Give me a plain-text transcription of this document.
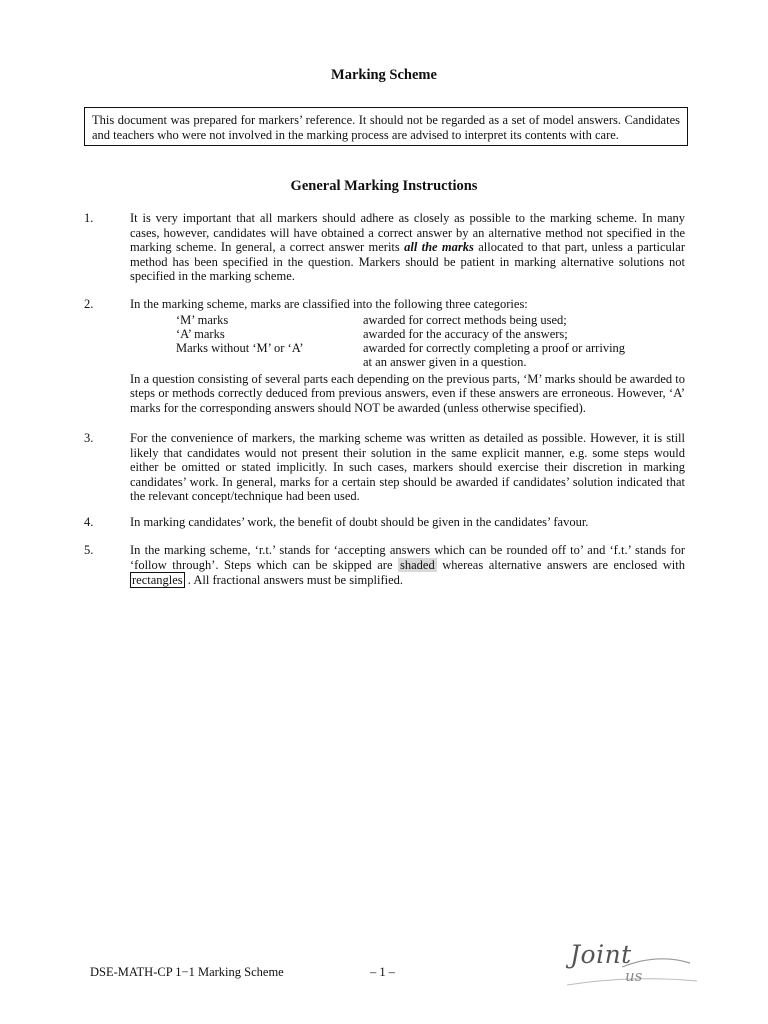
Marking Scheme
This document was prepared for markers’ reference. It should not be regarded as a set of model answers. Candidates and teachers who were not involved in the marking process are advised to interpret its contents with care.
General Marking Instructions
1.	It is very important that all markers should adhere as closely as possible to the marking scheme. In many cases, however, candidates will have obtained a correct answer by an alternative method not specified in the marking scheme. In general, a correct answer merits all the marks allocated to that part, unless a particular method has been specified in the question. Markers should be patient in marking alternative solutions not specified in the marking scheme.
2.	In the marking scheme, marks are classified into the following three categories:
‘M’ marks	awarded for correct methods being used;
‘A’ marks	awarded for the accuracy of the answers;
Marks without ‘M’ or ‘A’	awarded for correctly completing a proof or arriving
at an answer given in a question.
In a question consisting of several parts each depending on the previous parts, ‘M’ marks should be awarded to steps or methods correctly deduced from previous answers, even if these answers are erroneous. However, ‘A’ marks for the corresponding answers should NOT be awarded (unless otherwise specified).
3.	For the convenience of markers, the marking scheme was written as detailed as possible. However, it is still likely that candidates would not present their solution in the same explicit manner, e.g. some steps would either be omitted or stated implicitly. In such cases, markers should exercise their discretion in marking candidates’ work. In general, marks for a certain step should be awarded if candidates’ solution indicated that the relevant concept/technique had been used.
4.	In marking candidates’ work, the benefit of doubt should be given in the candidates’ favour.
5.	In the marking scheme, ‘r.t.’ stands for ‘accepting answers which can be rounded off to’ and ‘f.t.’ stands for ‘follow through’. Steps which can be skipped are shaded whereas alternative answers are enclosed with rectangles . All fractional answers must be simplified.
DSE-MATH-CP 1−1 Marking Scheme	– 1 –
Joint
us
